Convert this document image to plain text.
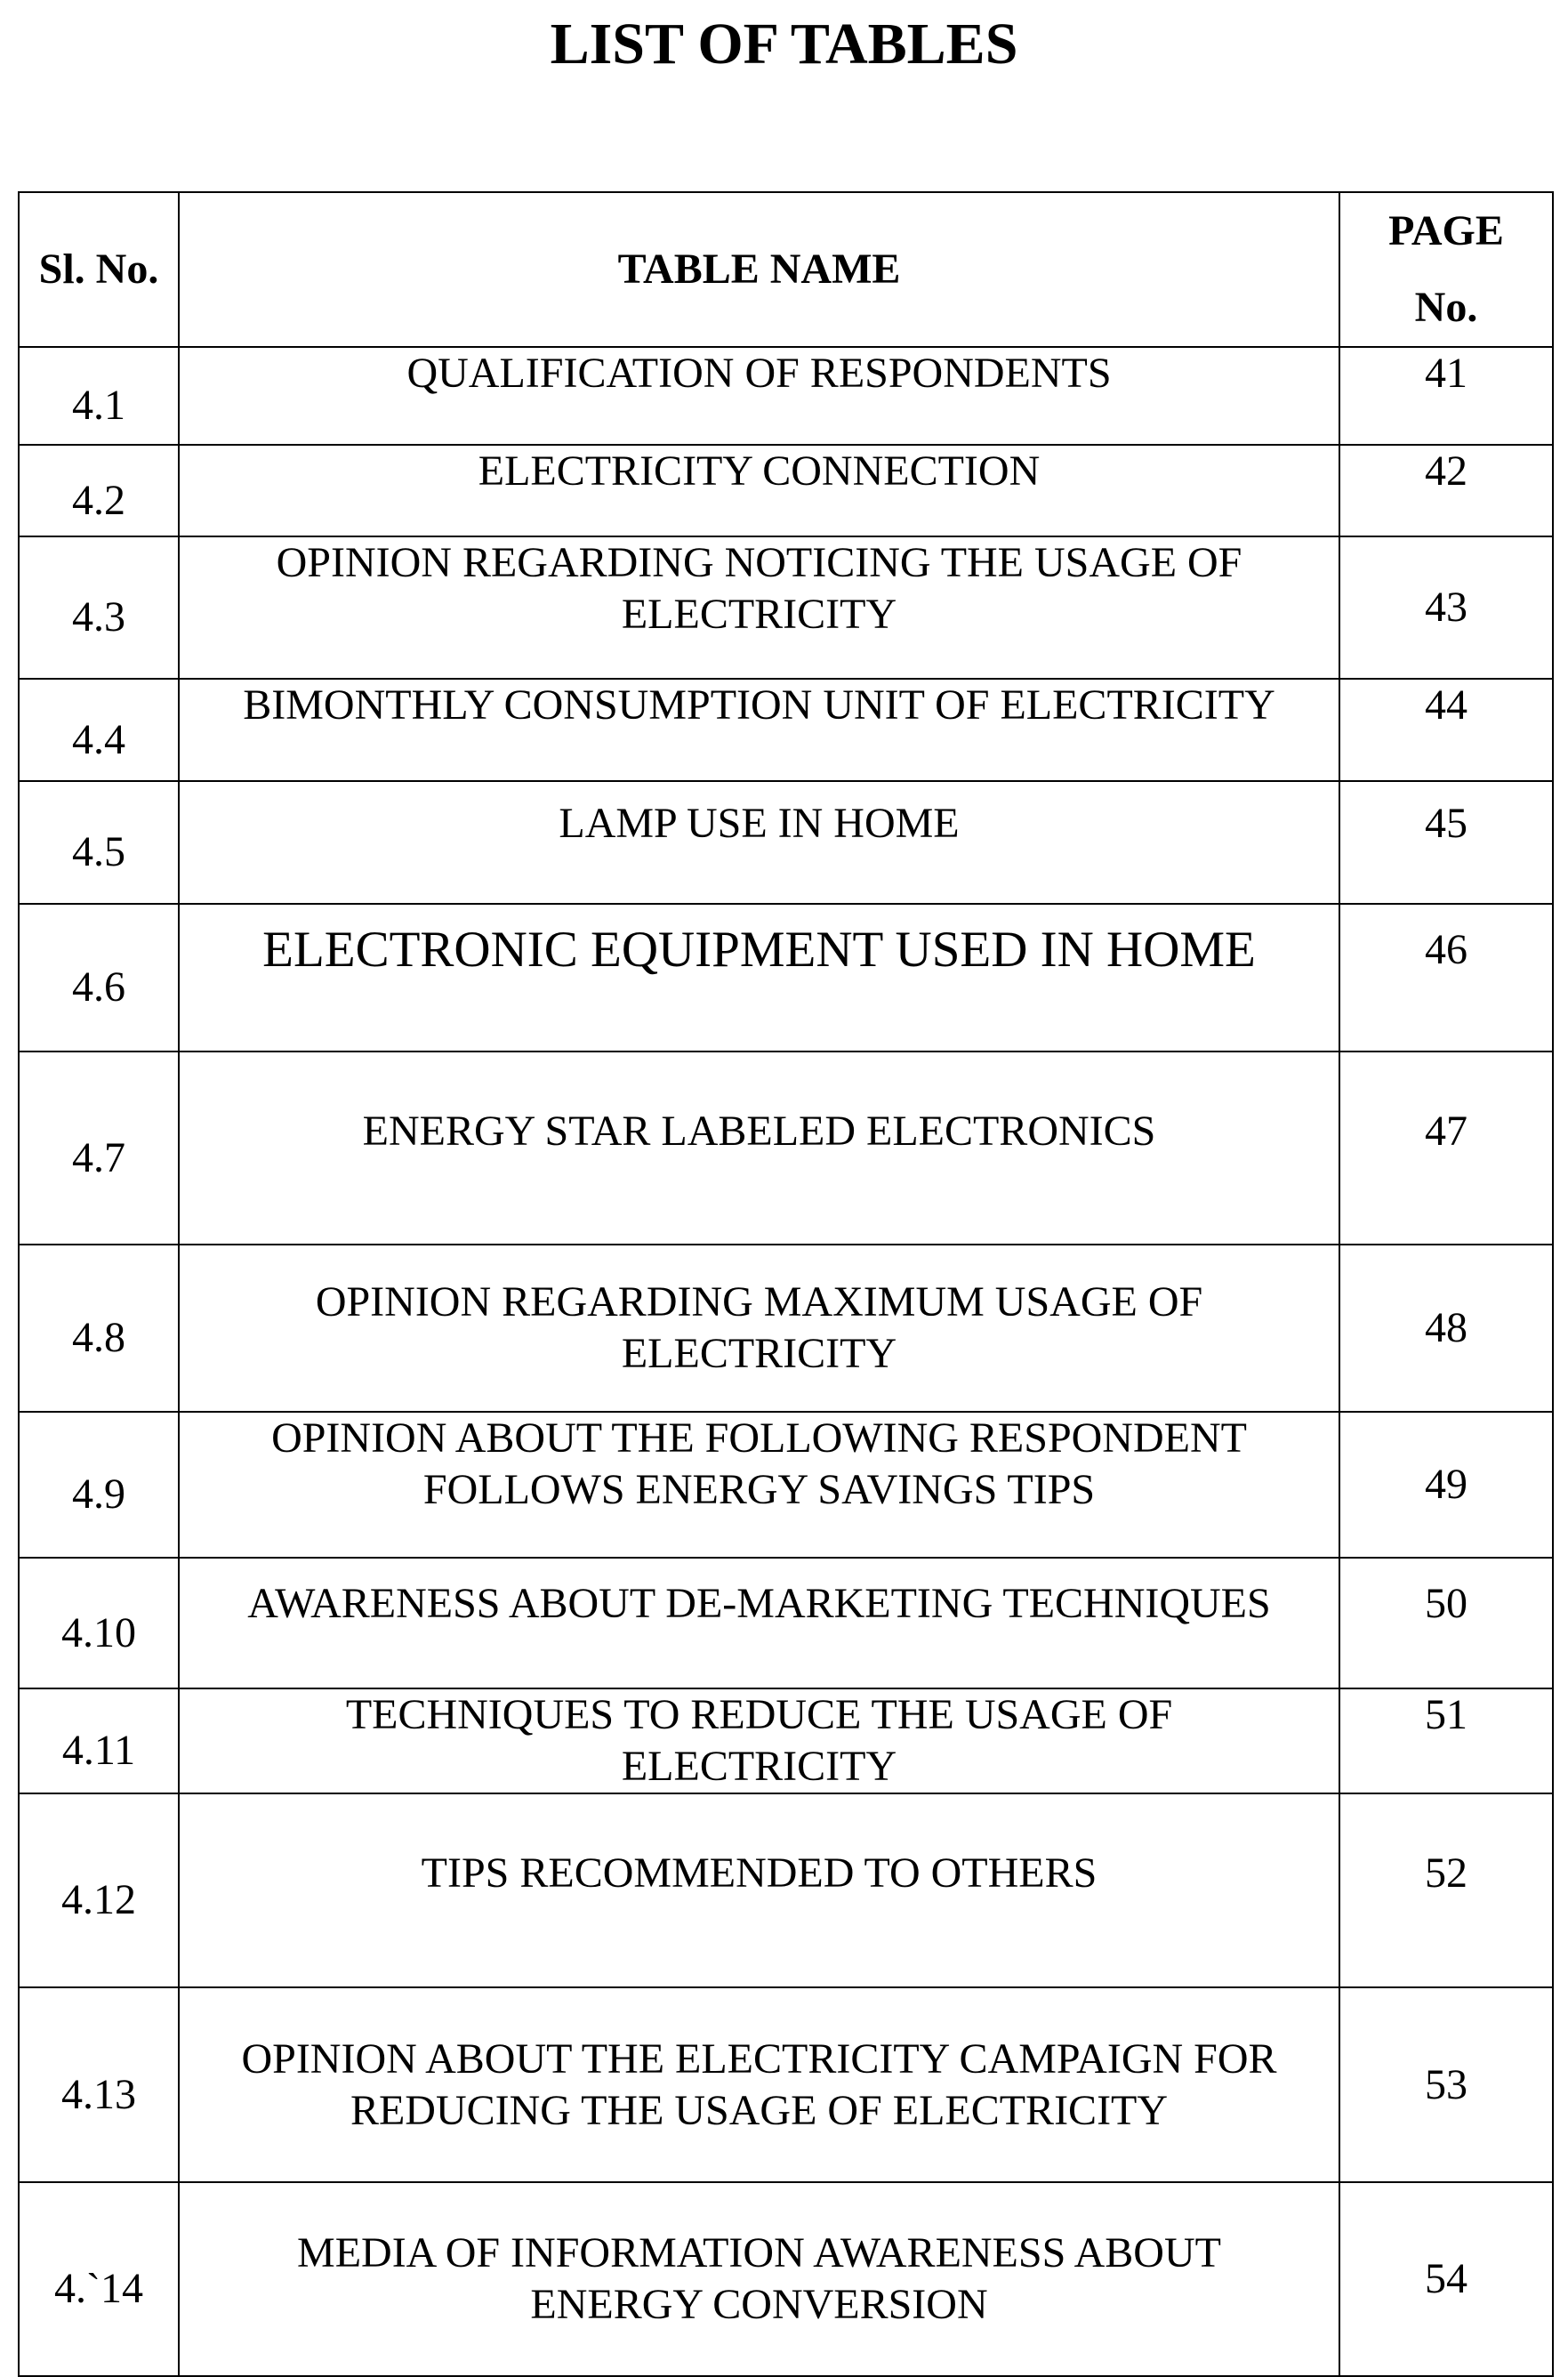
LIST OF TABLES
Sl. No.	TABLE NAME	PAGE
No.
4.1	QUALIFICATION OF RESPONDENTS	41
4.2	ELECTRICITY CONNECTION	42
4.3	OPINION REGARDING NOTICING THE USAGE OF
ELECTRICITY	43
4.4	BIMONTHLY CONSUMPTION UNIT OF ELECTRICITY	44
4.5	LAMP USE IN HOME	45
4.6	ELECTRONIC EQUIPMENT USED IN HOME	46
4.7	ENERGY STAR LABELED ELECTRONICS	47
4.8	OPINION REGARDING MAXIMUM USAGE OF
ELECTRICITY	48
4.9	OPINION ABOUT THE FOLLOWING RESPONDENT
FOLLOWS ENERGY SAVINGS TIPS	49
4.10	AWARENESS ABOUT DE-MARKETING TECHNIQUES	50
4.11	TECHNIQUES TO REDUCE THE USAGE OF
ELECTRICITY	51
4.12	TIPS RECOMMENDED TO OTHERS	52
4.13	OPINION ABOUT THE ELECTRICITY CAMPAIGN FOR
REDUCING THE USAGE OF ELECTRICITY	53
4.`14	MEDIA OF INFORMATION AWARENESS ABOUT
ENERGY CONVERSION	54
